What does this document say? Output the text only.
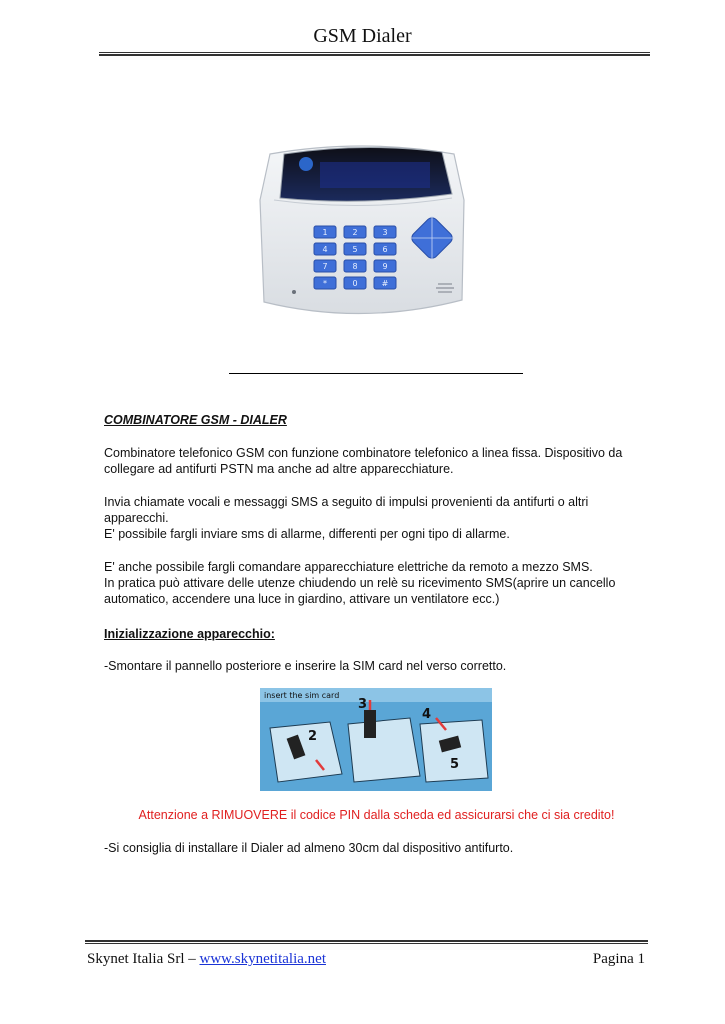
GSM Dialer
1	2	3
4	5	6
7	8	9
*	0	#
COMBINATORE GSM - DIALER
Combinatore telefonico GSM con funzione combinatore telefonico a linea fissa. Dispositivo da
collegare ad antifurti PSTN ma anche ad altre apparecchiature.
Invia chiamate vocali e messaggi SMS a seguito di impulsi provenienti da antifurti o altri
apparecchi.
E' possibile fargli inviare sms di allarme, differenti per ogni tipo di allarme.
E' anche possibile fargli comandare apparecchiature elettriche da remoto a mezzo SMS.
In pratica può attivare delle utenze chiudendo un relè su ricevimento SMS(aprire un cancello
automatico, accendere una luce in giardino, attivare un ventilatore ecc.)
Inizializzazione apparecchio:
-Smontare il pannello posteriore e inserire la SIM card nel verso corretto.
insert the sim card
2
3
4
5
Attenzione a RIMUOVERE il codice PIN dalla scheda ed assicurarsi che ci sia credito!
-Si consiglia di installare il Dialer ad almeno 30cm dal dispositivo antifurto.
Skynet Italia Srl – www.skynetitalia.net	Pagina 1
